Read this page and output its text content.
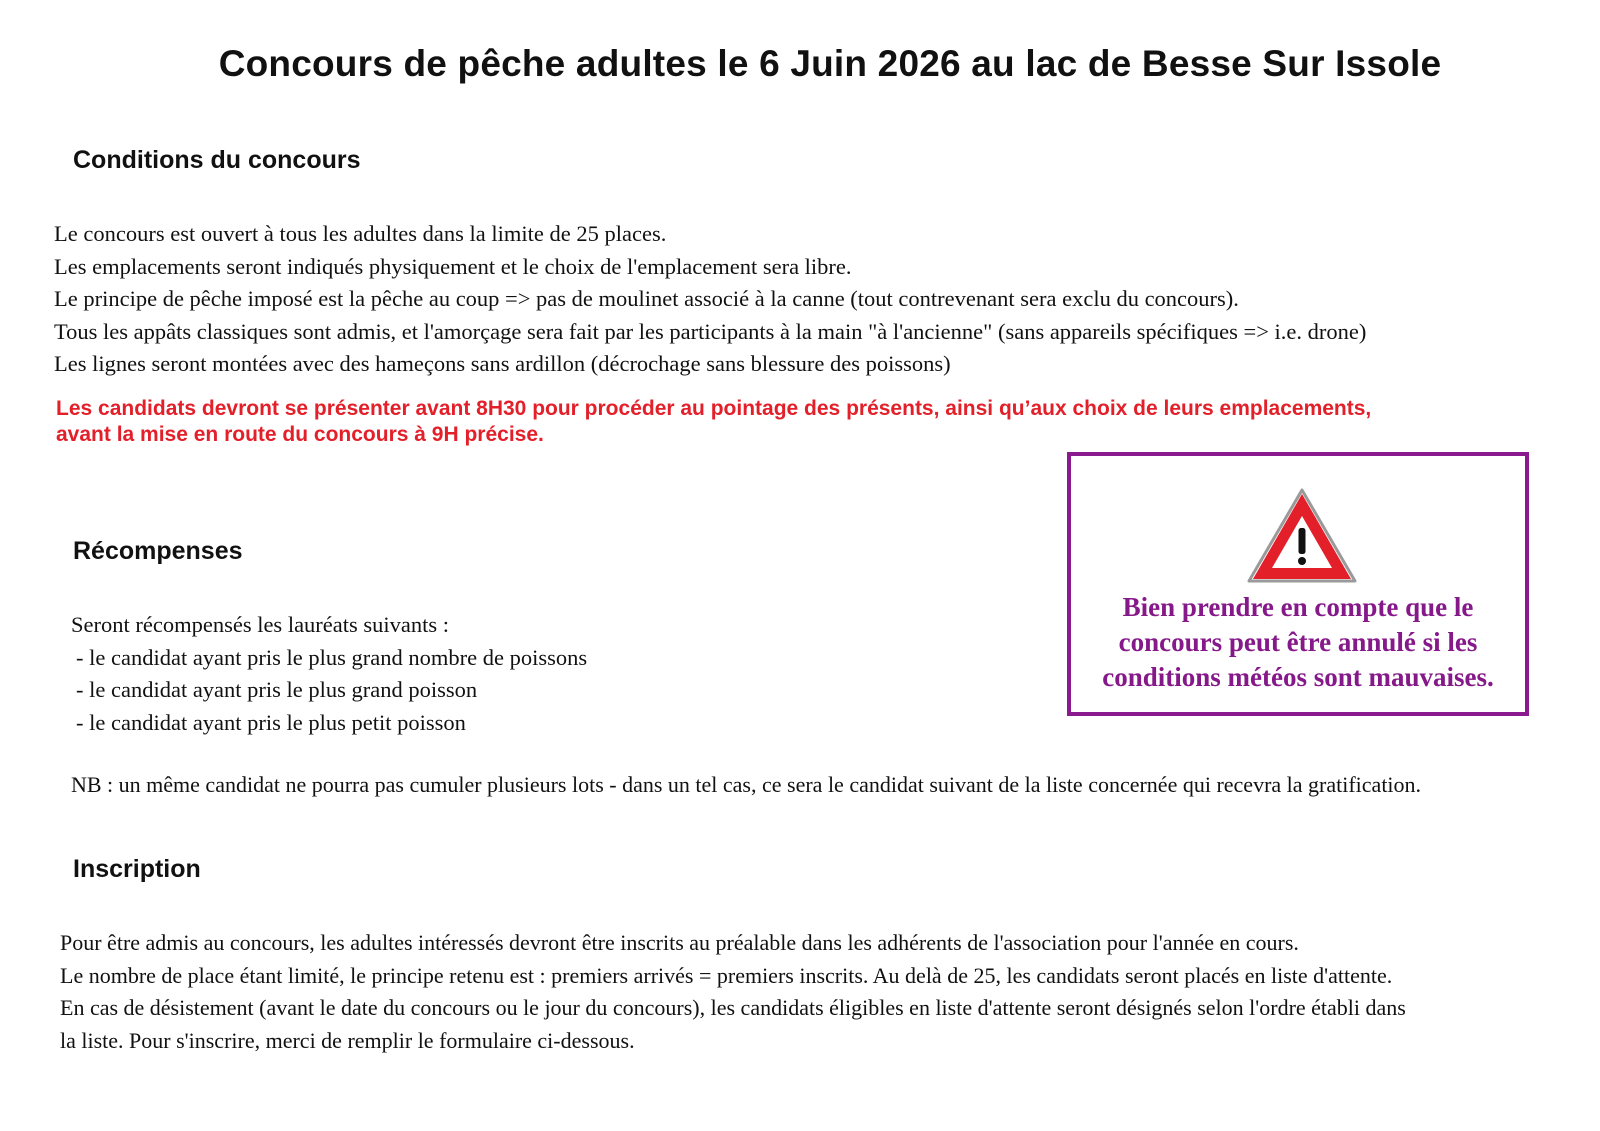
Concours de pêche adultes le 6 Juin 2026 au lac de Besse Sur Issole
Conditions du concours
Le concours est ouvert à tous les adultes dans la limite de 25 places.
Les emplacements seront indiqués physiquement et le choix de l'emplacement sera libre.
Le principe de pêche imposé est la pêche au coup => pas de moulinet associé à la canne (tout contrevenant sera exclu du concours).
Tous les appâts classiques sont admis, et l'amorçage sera fait par les participants à la main "à l'ancienne" (sans appareils spécifiques => i.e. drone)
Les lignes seront montées avec des hameçons sans ardillon (décrochage sans blessure des poissons)
Les candidats devront se présenter avant 8H30 pour procéder au pointage des présents, ainsi qu’aux choix de leurs emplacements,
avant la mise en route du concours à 9H précise.
Bien prendre en compte que le
concours peut être annulé si les
conditions météos sont mauvaises.
Récompenses
Seront récompensés les lauréats suivants :
- le candidat ayant pris le plus grand nombre de poissons
- le candidat ayant pris le plus grand poisson
- le candidat ayant pris le plus petit poisson
NB : un même candidat ne pourra pas cumuler plusieurs lots - dans un tel cas, ce sera le candidat suivant de la liste concernée qui recevra la gratification.
Inscription
Pour être admis au concours, les adultes intéressés devront être inscrits au préalable dans les adhérents de l'association pour l'année en cours.
Le nombre de place étant limité, le principe retenu est : premiers arrivés = premiers inscrits. Au delà de 25, les candidats seront placés en liste d'attente.
En cas de désistement (avant le date du concours ou le jour du concours), les candidats éligibles en liste d'attente seront désignés selon l'ordre établi dans
la liste. Pour s'inscrire, merci de remplir le formulaire ci-dessous.
